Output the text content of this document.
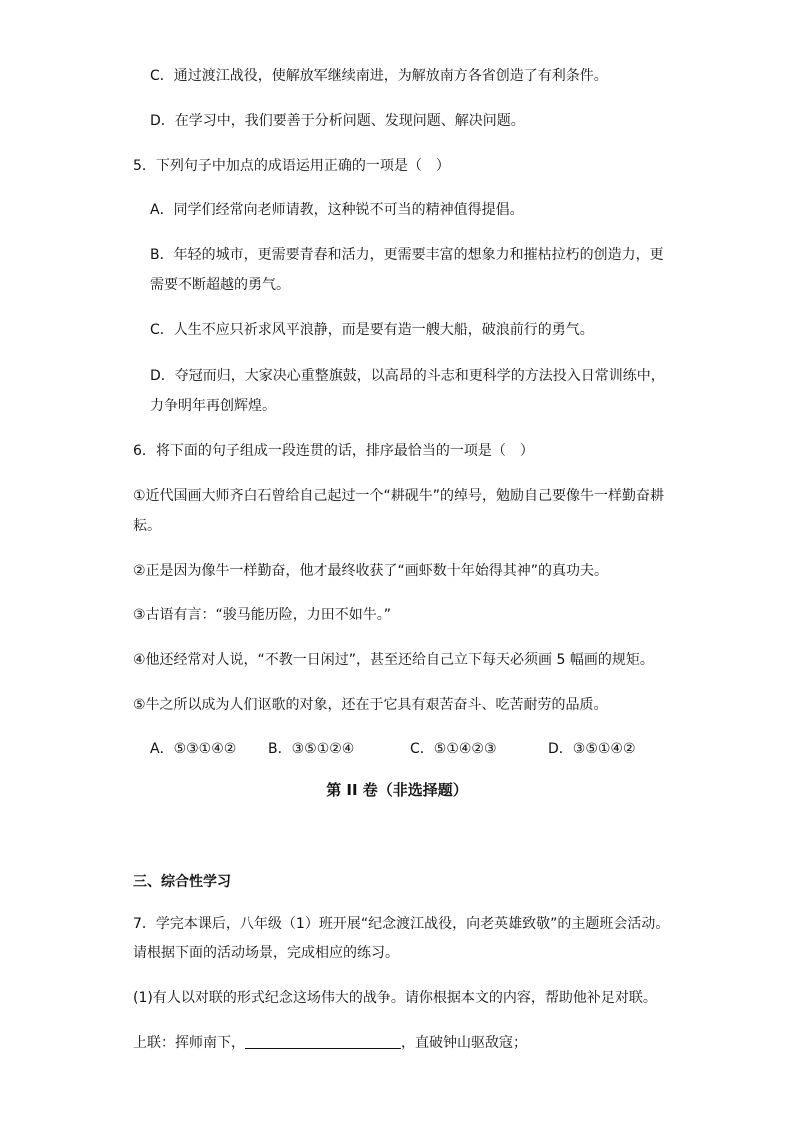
C．通过渡江战役，使解放军继续南进，为解放南方各省创造了有利条件。
D．在学习中，我们要善于分析问题、发现问题、解决问题。
5．下列句子中加点的成语运用正确的一项是（　）
A．同学们经常向老师请教，这种锐不可当的精神值得提倡。
B．年轻的城市，更需要青春和活力，更需要丰富的想象力和摧枯拉朽的创造力，更
需要不断超越的勇气。
C．人生不应只祈求风平浪静，而是要有造一艘大船，破浪前行的勇气。
D．夺冠而归，大家决心重整旗鼓，以高昂的斗志和更科学的方法投入日常训练中，
力争明年再创辉煌。
6．将下面的句子组成一段连贯的话，排序最恰当的一项是（　）
①近代国画大师齐白石曾给自己起过一个“耕砚牛”的绰号，勉励自己要像牛一样勤奋耕
耘。
②正是因为像牛一样勤奋，他才最终收获了“画虾数十年始得其神”的真功夫。
③古语有言：“骏马能历险，力田不如牛。”
④他还经常对人说，“不教一日闲过”，甚至还给自己立下每天必须画 5 幅画的规矩。
⑤牛之所以成为人们讴歌的对象，还在于它具有艰苦奋斗、吃苦耐劳的品质。
A．⑤③①④② B．③⑤①②④	C．⑤①④②③	D．③⑤①④②
第 II 卷（非选择题）
三、综合性学习
7．学完本课后，八年级（1）班开展“纪念渡江战役，向老英雄致敬”的主题班会活动。
请根据下面的活动场景，完成相应的练习。
(1)有人以对联的形式纪念这场伟大的战争。请你根据本文的内容，帮助他补足对联。
上联：挥师南下，	，直破钟山驱敌寇；
